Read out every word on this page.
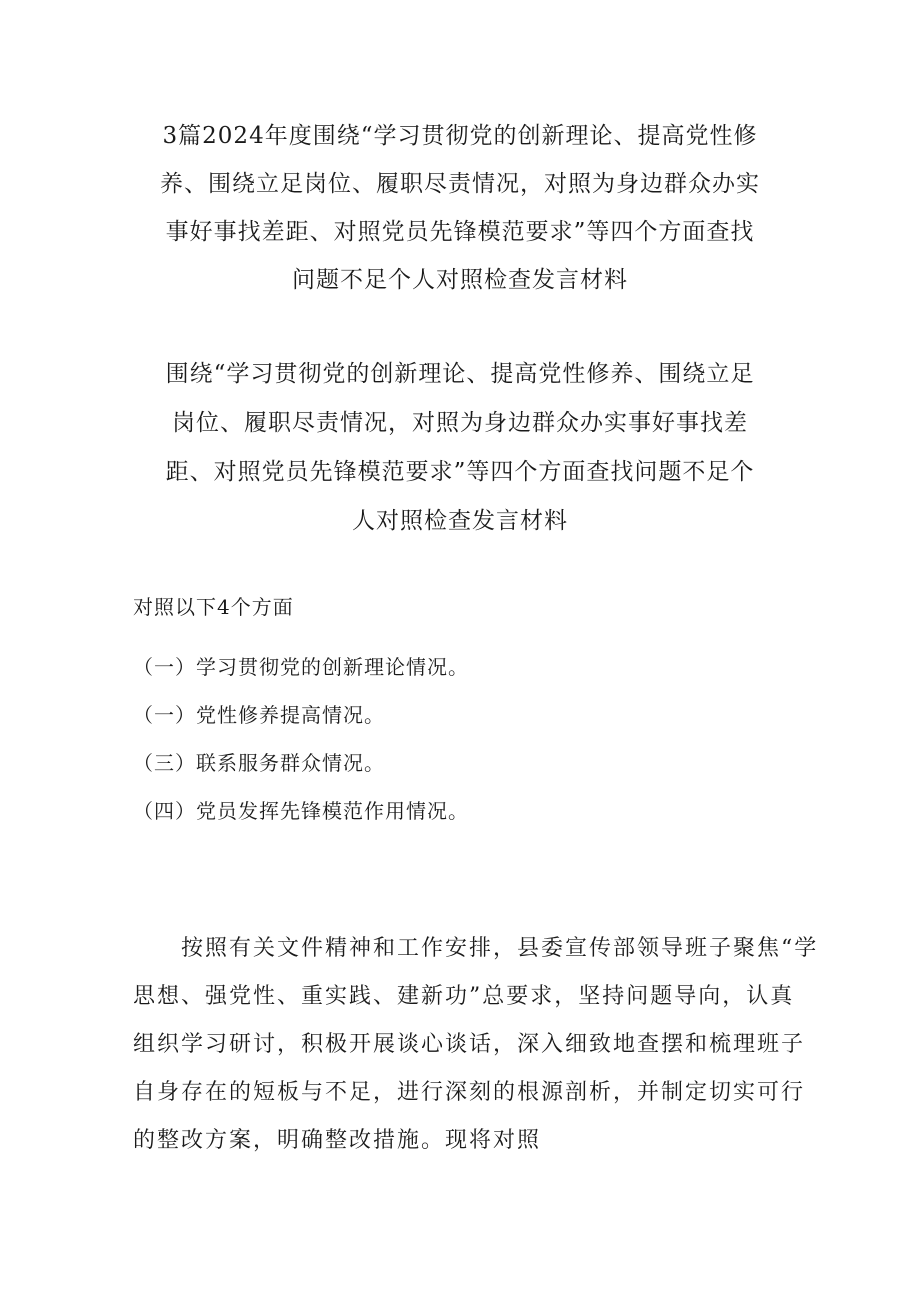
3篇2024年度围绕“学习贯彻党的创新理论、提高党性修
养、围绕立足岗位、履职尽责情况，对照为身边群众办实
事好事找差距、对照党员先锋模范要求”等四个方面查找
问题不足个人对照检查发言材料
围绕“学习贯彻党的创新理论、提高党性修养、围绕立足
岗位、履职尽责情况，对照为身边群众办实事好事找差
距、对照党员先锋模范要求”等四个方面查找问题不足个
人对照检查发言材料
对照以下4个方面
（一）学习贯彻党的创新理论情况。
（一）党性修养提高情况。
（三）联系服务群众情况。
（四）党员发挥先锋模范作用情况。
按照有关文件精神和工作安排，县委宣传部领导班子聚焦“学
思想、强党性、重实践、建新功”总要求，坚持问题导向，认真
组织学习研讨，积极开展谈心谈话，深入细致地查摆和梳理班子
自身存在的短板与不足，进行深刻的根源剖析，并制定切实可行
的整改方案，明确整改措施。现将对照
